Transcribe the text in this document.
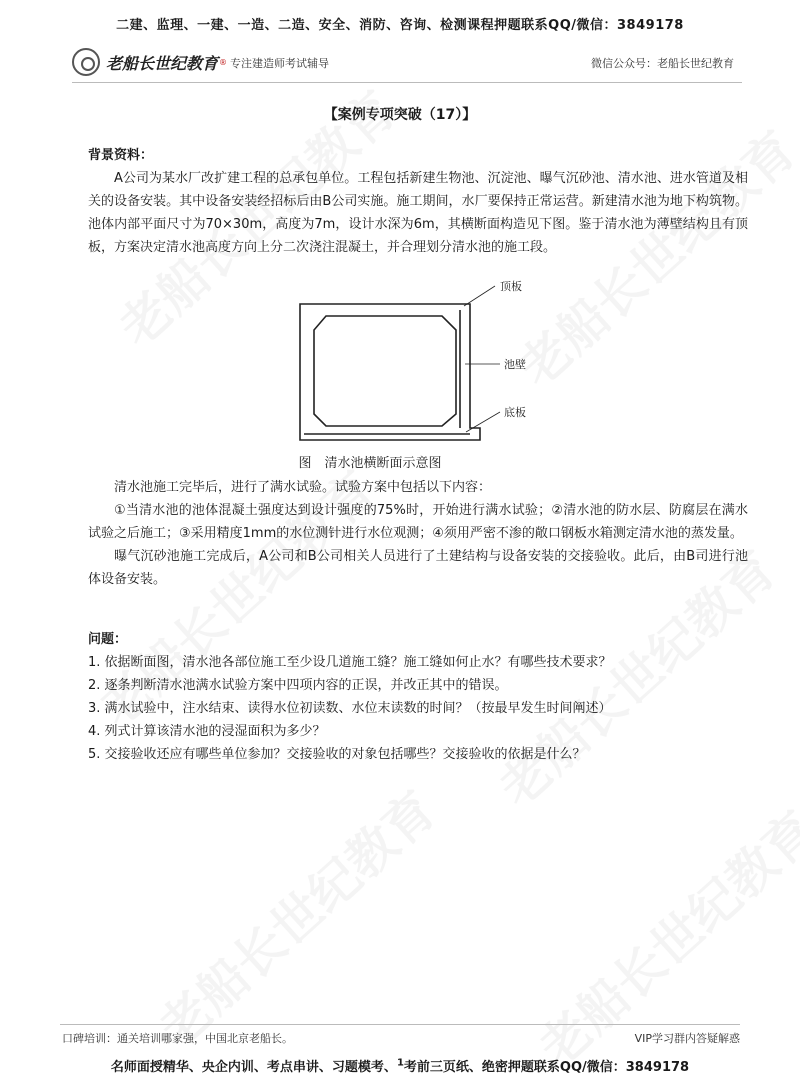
二建、监理、一建、一造、二造、安全、消防、咨询、检测课程押题联系QQ/微信：3849178
老船长世纪教育 ® 专注建造师考试辅导	微信公众号：老船长世纪教育
【案例专项突破（17）】

背景资料：

A公司为某水厂改扩建工程的总承包单位。工程包括新建生物池、沉淀池、曝气沉砂池、清水池、进水管道及相关的设备安装。其中设备安装经招标后由B公司实施。施工期间，水厂要保持正常运营。新建清水池为地下构筑物。池体内部平面尺寸为70×30m，高度为7m，设计水深为6m，其横断面构造见下图。鉴于清水池为薄壁结构且有顶板，方案决定清水池高度方向上分二次浇注混凝土，并合理划分清水池的施工段。

顶板
池壁
底板
图　清水池横断面示意图

清水池施工完毕后，进行了满水试验。试验方案中包括以下内容：

①当清水池的池体混凝土强度达到设计强度的75%时，开始进行满水试验；②清水池的防水层、防腐层在满水试验之后施工；③采用精度1mm的水位测针进行水位观测；④须用严密不渗的敞口钢板水箱测定清水池的蒸发量。

曝气沉砂池施工完成后，A公司和B公司相关人员进行了土建结构与设备安装的交接验收。此后，由B司进行池体设备安装。

问题：

1. 依据断面图，清水池各部位施工至少设几道施工缝？施工缝如何止水？有哪些技术要求？

2. 逐条判断清水池满水试验方案中四项内容的正误，并改正其中的错误。

3. 满水试验中，注水结束、读得水位初读数、水位末读数的时间？（按最早发生时间阐述）

4. 列式计算该清水池的浸湿面积为多少？

5. 交接验收还应有哪些单位参加？交接验收的对象包括哪些？交接验收的依据是什么？

口碑培训：通关培训哪家强，中国北京老船长。	VIP学习群内答疑解惑
名师面授精华、央企内训、考点串讲、习题模考、$^1$考前三页纸、绝密押题联系QQ/微信：3849178
